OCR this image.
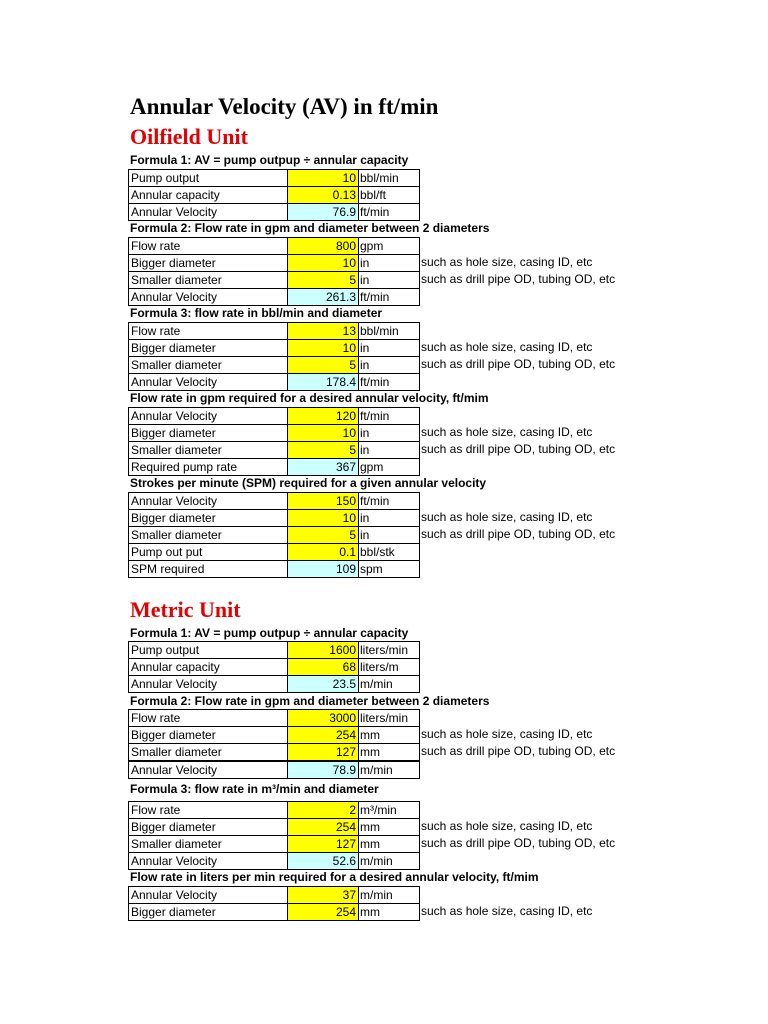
Annular Velocity (AV) in ft/min
Oilfield Unit
Formula 1: AV = pump outpup ÷ annular capacity
Pump output	10 bbl/min
Annular capacity	0.13 bbl/ft
Annular Velocity	76.9 ft/min
Formula 2: Flow rate in gpm and diameter between 2 diameters
Flow rate	800 gpm
Bigger diameter	10 in	such as hole size, casing ID, etc
Smaller diameter	5 in	such as drill pipe OD, tubing OD, etc
Annular Velocity	261.3 ft/min
Formula 3: flow rate in bbl/min and diameter
Flow rate	13 bbl/min
Bigger diameter	10 in	such as hole size, casing ID, etc
Smaller diameter	5 in	such as drill pipe OD, tubing OD, etc
Annular Velocity	178.4 ft/min
Flow rate in gpm required for a desired annular velocity, ft/mim
Annular Velocity	120 ft/min
Bigger diameter	10 in	such as hole size, casing ID, etc
Smaller diameter	5 in	such as drill pipe OD, tubing OD, etc
Required pump rate	367 gpm
Strokes per minute (SPM) required for a given annular velocity
Annular Velocity	150 ft/min
Bigger diameter	10 in	such as hole size, casing ID, etc
Smaller diameter	5 in	such as drill pipe OD, tubing OD, etc
Pump out put	0.1 bbl/stk
SPM required	109 spm
Metric Unit
Formula 1: AV = pump outpup ÷ annular capacity
Pump output	1600 liters/min
Annular capacity	68 liters/m
Annular Velocity	23.5 m/min
Formula 2: Flow rate in gpm and diameter between 2 diameters
Flow rate	3000 liters/min
Bigger diameter	254 mm	such as hole size, casing ID, etc
Smaller diameter	127 mm	such as drill pipe OD, tubing OD, etc
Annular Velocity	78.9 m/min
Formula 3: flow rate in m³/min and diameter
Flow rate	2 m³/min
Bigger diameter	254 mm	such as hole size, casing ID, etc
Smaller diameter	127 mm	such as drill pipe OD, tubing OD, etc
Annular Velocity	52.6 m/min
Flow rate in liters per min required for a desired annular velocity, ft/mim
Annular Velocity	37 m/min
Bigger diameter	254 mm	such as hole size, casing ID, etc
